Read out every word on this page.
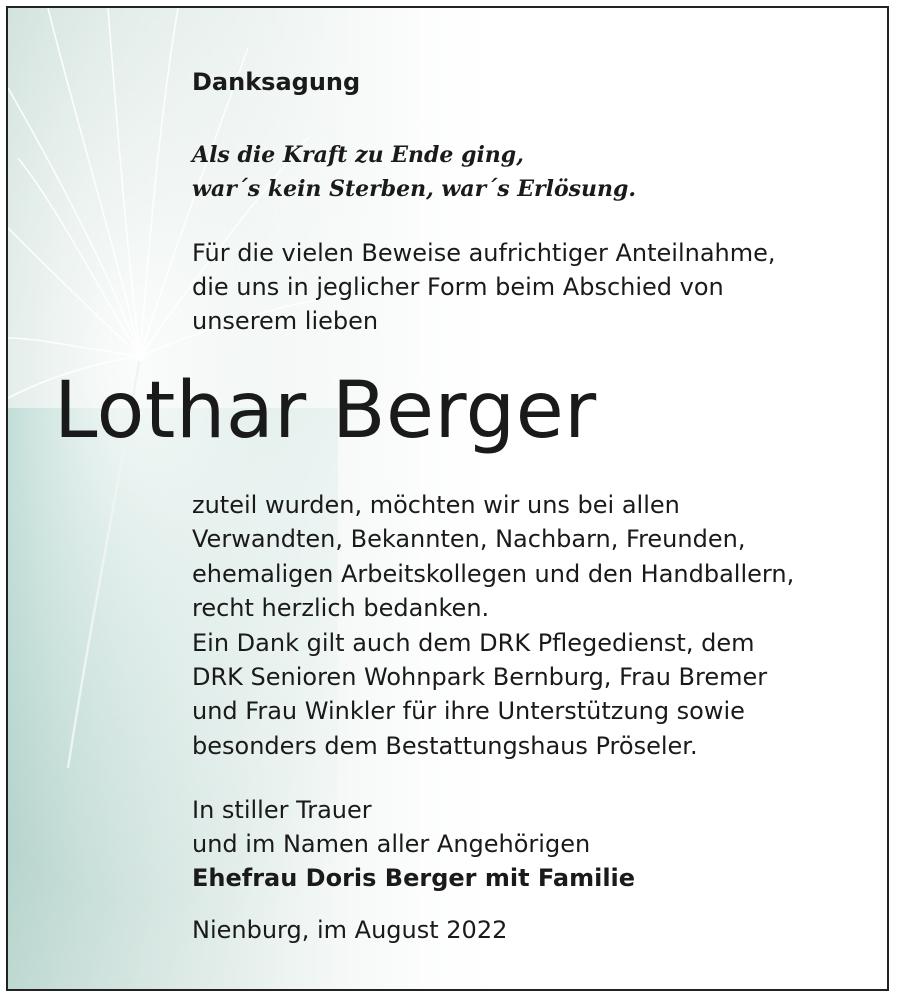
Danksagung
Als die Kraft zu Ende ging,
war´s kein Sterben, war´s Erlösung.
Für die vielen Beweise aufrichtiger Anteilnahme,
die uns in jeglicher Form beim Abschied von
unserem lieben
Lothar Berger
zuteil wurden, möchten wir uns bei allen
Verwandten, Bekannten, Nachbarn, Freunden,
ehemaligen Arbeitskollegen und den Handballern,
recht herzlich bedanken.
Ein Dank gilt auch dem DRK Pflegedienst, dem
DRK Senioren Wohnpark Bernburg, Frau Bremer
und Frau Winkler für ihre Unterstützung sowie
besonders dem Bestattungshaus Pröseler.
In stiller Trauer
und im Namen aller Angehörigen
Ehefrau Doris Berger mit Familie
Nienburg, im August 2022
